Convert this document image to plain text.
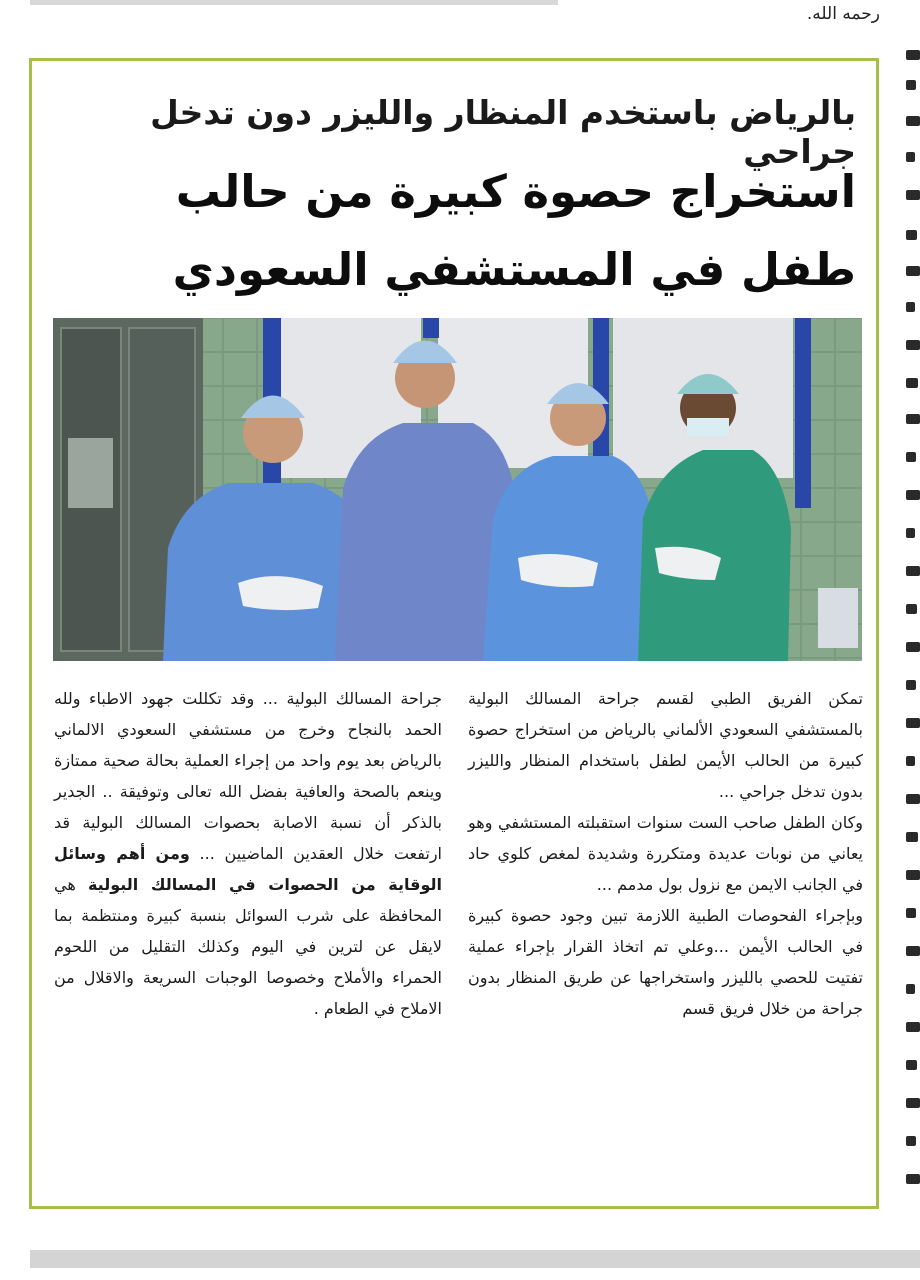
رحمه الله.
بالرياض باستخدم المنظار والليزر دون تدخل جراحي
استخراج حصوة كبيرة من حالب طفل في المستشفي السعودي
تمكن الفريق الطبي لقسم جراحة المسالك البولية بالمستشفي السعودي الألماني بالرياض من استخراج حصوة كبيرة من الحالب الأيمن لطفل باستخدام المنظار والليزر بدون تدخل جراحي ...
وكان الطفل صاحب الست سنوات استقبلته المستشفي وهو يعاني من نوبات عديدة ومتكررة وشديدة لمغص كلوي حاد في الجانب الايمن مع نزول بول مدمم ...
وبإجراء الفحوصات الطبية اللازمة تبين وجود حصوة كبيرة في الحالب الأيمن ...وعلي تم اتخاذ القرار بإجراء عملية تفتيت للحصي بالليزر واستخراجها عن طريق المنظار بدون جراحة من خلال فريق قسم
جراحة المسالك البولية ... وقد تكللت جهود الاطباء ولله الحمد بالنجاح وخرج من مستشفي السعودي الالماني بالرياض بعد يوم واحد من إجراء العملية بحالة صحية ممتازة وينعم بالصحة والعافية بفضل الله تعالى وتوفيقة .. الجدير بالذكر أن نسبة الاصابة بحصوات المسالك البولية قد ارتفعت خلال العقدين الماضيين ... ومن أهم وسائل الوقاية من الحصوات في المسالك البولية هي المحافظة على شرب السوائل بنسبة كبيرة ومنتظمة بما لايقل عن لترين في اليوم وكذلك التقليل من اللحوم الحمراء والأملاح وخصوصا الوجبات السريعة والاقلال من الاملاح في الطعام .
